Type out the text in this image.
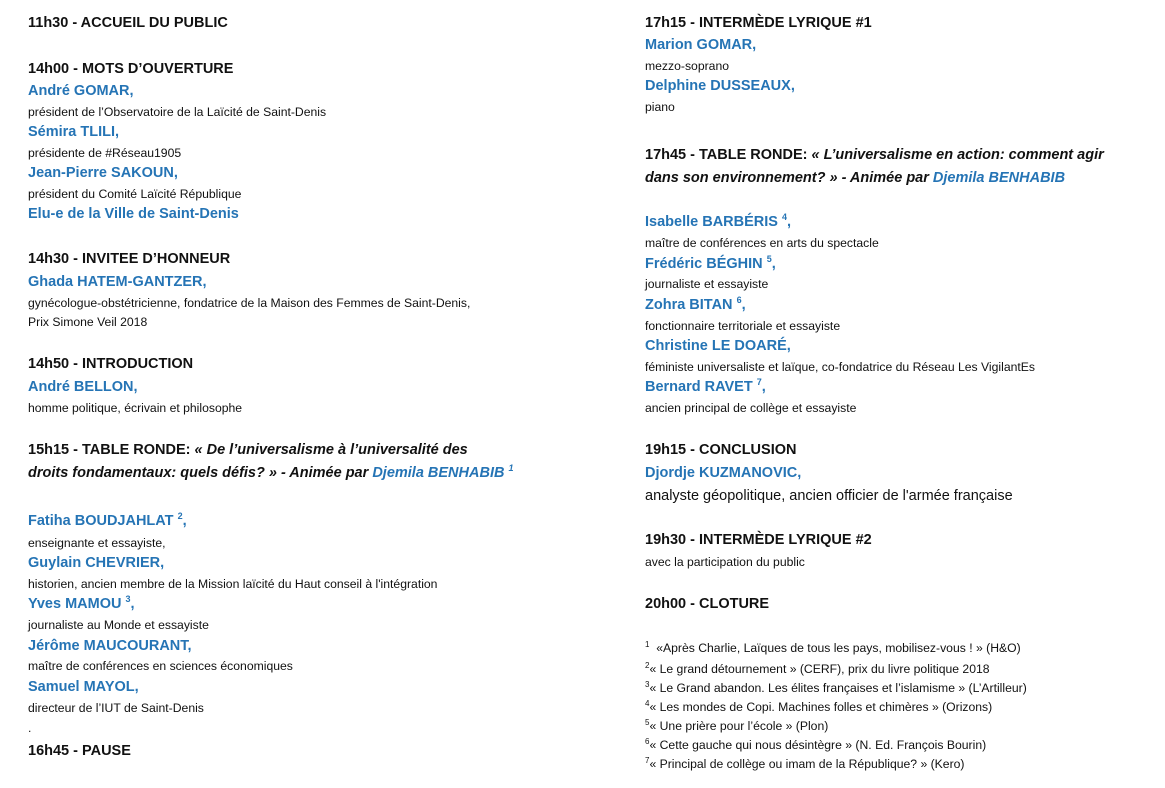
11h30 - ACCUEIL DU PUBLIC
14h00 - MOTS D’OUVERTURE
André GOMAR,
président de l’Observatoire de la Laïcité de Saint-Denis
Sémira TLILI,
présidente de #Réseau1905
Jean-Pierre SAKOUN,
président du Comité Laïcité République
Elu-e de la Ville de Saint-Denis
14h30 - INVITEE D’HONNEUR
Ghada HATEM-GANTZER,
gynécologue-obstétricienne, fondatrice de la Maison des Femmes de Saint-Denis,
Prix Simone Veil 2018
14h50 - INTRODUCTION
André BELLON,
homme politique, écrivain et philosophe
15h15 - TABLE RONDE: « De l’universalisme à l’universalité des
droits fondamentaux: quels défis? » - Animée par Djemila BENHABIB $^1$
Fatiha BOUDJAHLAT $^2$,
enseignante et essayiste,
Guylain CHEVRIER,
historien, ancien membre de la Mission laïcité du Haut conseil à l'intégration
Yves MAMOU $^3$,
journaliste au Monde et essayiste
Jérôme MAUCOURANT,
maître de conférences en sciences économiques
Samuel MAYOL,
directeur de l’IUT de Saint-Denis
.
16h45 - PAUSE
17h15 - INTERMÈDE LYRIQUE #1
Marion GOMAR,
mezzo-soprano
Delphine DUSSEAUX,
piano
17h45 - TABLE RONDE: « L’universalisme en action: comment agir
dans son environnement? » - Animée par Djemila BENHABIB
Isabelle BARBÉRIS $^4$,
maître de conférences en arts du spectacle
Frédéric BÉGHIN $^5$,
journaliste et essayiste
Zohra BITAN $^6$,
fonctionnaire territoriale et essayiste
Christine LE DOARÉ,
féministe universaliste et laïque, co-fondatrice du Réseau Les VigilantEs
Bernard RAVET $^7$,
ancien principal de collège et essayiste
19h15 - CONCLUSION
Djordje KUZMANOVIC,
analyste géopolitique, ancien officier de l'armée française
19h30 - INTERMÈDE LYRIQUE #2
avec la participation du public
20h00 - CLOTURE
$^1$  «Après Charlie, Laïques de tous les pays, mobilisez-vous ! » (H&O)
$^2$« Le grand détournement » (CERF), prix du livre politique 2018
$^3$« Le Grand abandon. Les élites françaises et l’islamisme » (L’Artilleur)
$^4$« Les mondes de Copi. Machines folles et chimères » (Orizons)
$^5$« Une prière pour l’école » (Plon)
$^6$« Cette gauche qui nous désintègre » (N. Ed. François Bourin)
$^7$« Principal de collège ou imam de la République? » (Kero)
